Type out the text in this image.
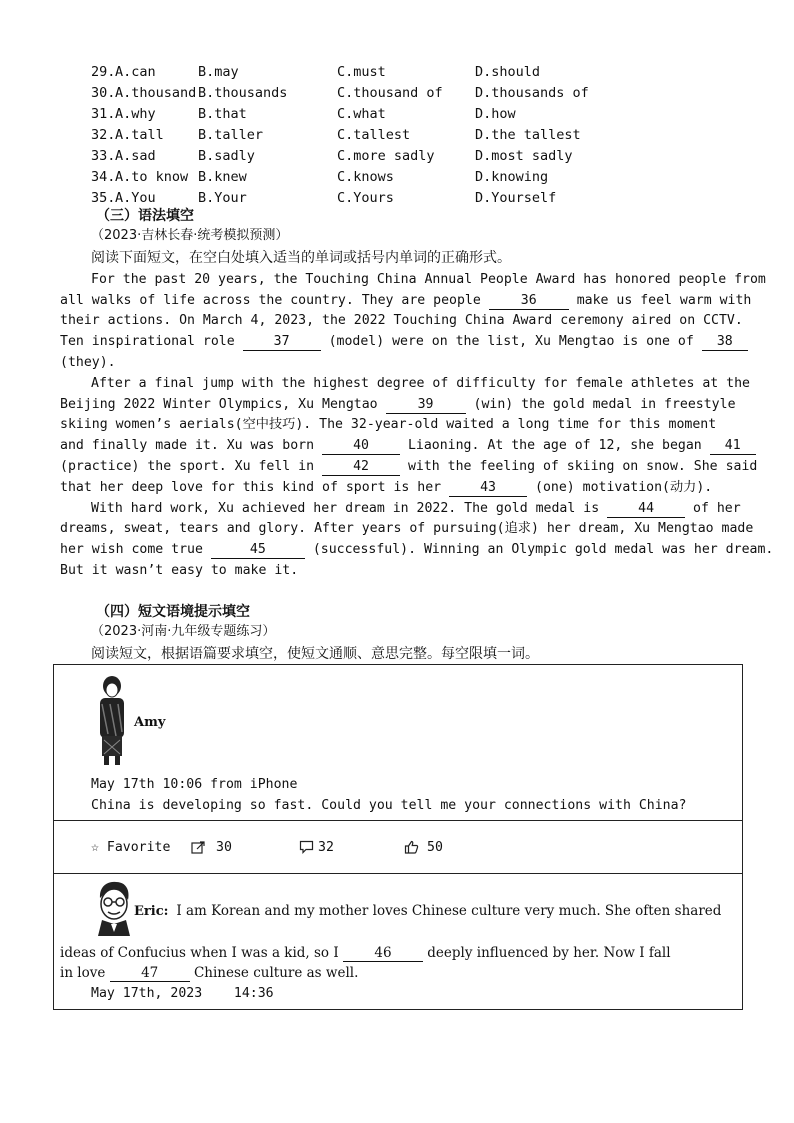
29. A.can	B.may	C.must	D.should
30. A.thousand B.thousands	C.thousand of D.thousands of
31. A.why	B.that	C.what	D.how
32. A.tall	B.taller	C.tallest	D.the tallest
33. A.sad	B.sadly	C.more sadly	D.most sadly
34. A.to know B.knew	C.knows	D.knowing
35. A.You	B.Your	C.Yours	D.Yourself
（三）语法填空
（2023·吉林长春·统考模拟预测）
阅读下面短文，在空白处填入适当的单词或括号内单词的正确形式。
For the past 20 years, the Touching China Annual People Award has honored people from
all walks of life across the country. They are people	36	make us feel warm with
their actions. On March 4, 2023, the 2022 Touching China Award ceremony aired on CCTV.
Ten inspirational role	37	(model) were on the list, Xu Mengtao is one of 38
(they).
After a final jump with the highest degree of difficulty for female athletes at the
Beijing 2022 Winter Olympics, Xu Mengtao	39	(win) the gold medal in freestyle
skiing women’s aerials(空中技巧). The 32-year-old waited a long time for this moment
and finally made it. Xu was born	40	Liaoning. At the age of 12, she began 41
(practice) the sport. Xu fell in	42	with the feeling of skiing on snow. She said
that her deep love for this kind of sport is her	43	(one) motivation(动力).
With hard work, Xu achieved her dream in 2022. The gold medal is	44	of her
dreams, sweat, tears and glory. After years of pursuing(追求) her dream, Xu Mengtao made
her wish come true	45	(successful). Winning an Olympic gold medal was her dream.
But it wasn’t easy to make it.
（四）短文语境提示填空
（2023·河南·九年级专题练习）
阅读短文，根据语篇要求填空，使短文通顺、意思完整。每空限填一词。
Amy
May 17th 10:06 from iPhone
China is developing so fast. Could you tell me your connections with China?
☆ Favorite	30	32	50
Eric: I am Korean and my mother loves Chinese culture very much. She often shared
ideas of Confucius when I was a kid, so I	46	deeply influenced by her. Now I fall
in love	47	Chinese culture as well.
May 17th, 2023    14:36
